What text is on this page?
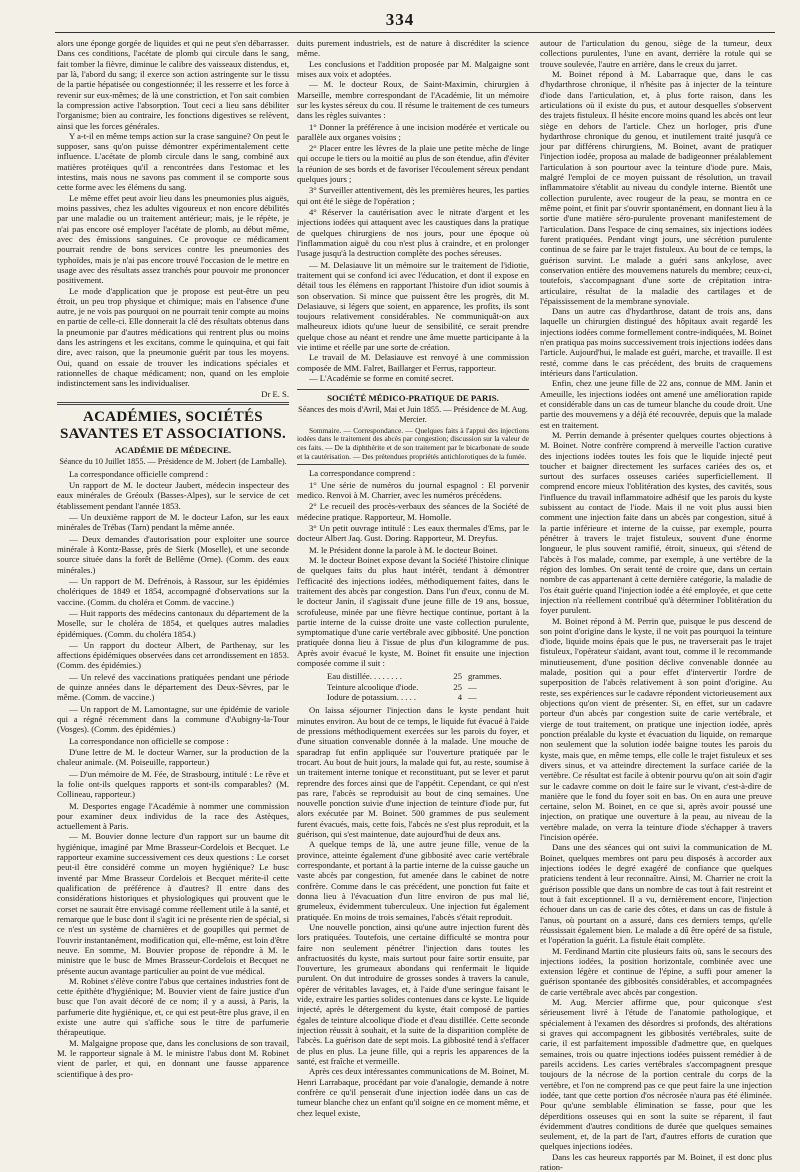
334

alors une éponge gorgée de liquides et qui ne peut s'en débarrasser. Dans ces conditions, l'acétate de plomb qui circule dans le sang, fait tomber la fièvre, diminue le calibre des vaisseaux distendus, et, par là, l'abord du sang; il exerce son action astringente sur le tissu de la partie hépatisée ou congestionnée; il les resserre et les force à revenir sur eux-mêmes; de là une constriction, et l'on sait combien la compression active l'absorption. Tout ceci a lieu sans débiliter l'organisme; bien au contraire, les fonctions digestives se relèvent, ainsi que les forces générales.

Y a-t-il en même temps action sur la crase sanguine? On peut le supposer, sans qu'on puisse démontrer expérimentalement cette influence. L'acétate de plomb circule dans le sang, combiné aux matières protéiques qu'il a rencontrées dans l'estomac et les intestins, mais nous ne savons pas comment il se comporte sous cette forme avec les élémens du sang.

Le même effet peut avoir lieu dans les pneumonies plus aiguës, moins passives, chez les adultes vigoureux et non encore débilités par une maladie ou un traitement antérieur; mais, je le répète, je n'ai pas encore osé employer l'acétate de plomb, au début même, avec des émissions sanguines. Ce provoque ce médicament pourrait rendre de bons services contre les pneumonies des typhoïdes, mais je n'ai pas encore trouvé l'occasion de le mettre en usage avec des résultats assez tranchés pour pouvoir me prononcer positivement.

Le mode d'application que je propose est peut-être un peu étroit, un peu trop physique et chimique; mais en l'absence d'une autre, je ne vois pas pourquoi on ne pourrait tenir compte au moins en partie de celle-ci. Elle donnerait la clé des résultats obtenus dans la pneumonie par d'autres médications qui rentrent plus ou moins dans les astringens et les excitans, comme le quinquina, et qui fait dire, avec raison, que la pneumonie guérit par tous les moyens. Oui, quand on essaie de trouver les indications spéciales et rationnelles de chaque médicament; non, quand on les emploie indistinctement sans les individualiser.

Dr E. S.

ACADÉMIES, SOCIÉTÉS SAVANTES ET ASSOCIATIONS.
ACADÉMIE DE MÉDECINE.
Séance du 10 Juillet 1855. — Présidence de M. Jobert (de Lamballe).

La correspondance officielle comprend :

Un rapport de M. le docteur Jaubert, médecin inspecteur des eaux minérales de Gréoulx (Basses-Alpes), sur le service de cet établissement pendant l'année 1853.

— Un deuxième rapport de M. le docteur Lafon, sur les eaux minérales de Trébas (Tarn) pendant la même année.

— Deux demandes d'autorisation pour exploiter une source minérale à Kontz-Basse, près de Sierk (Moselle), et une seconde source située dans la forêt de Bellême (Orne). (Comm. des eaux minérales.)

— Un rapport de M. Defrénois, à Rassour, sur les épidémies cholériques de 1849 et 1854, accompagné d'observations sur la vaccine. (Comm. du choléra et Comm. de vaccine.)

— Huit rapports des médecins cantonaux du département de la Moselle, sur le choléra de 1854, et quelques autres maladies épidémiques. (Comm. du choléra 1854.)

— Un rapport du docteur Albert, de Parthenay, sur les affections épidémiques observées dans cet arrondissement en 1853. (Comm. des épidémies.)

— Un relevé des vaccinations pratiquées pendant une période de quinze années dans le département des Deux-Sèvres, par le même. (Comm. de vaccine.)

— Un rapport de M. Lamontagne, sur une épidémie de variole qui a régné récemment dans la commune d'Aubigny-la-Tour (Vosges). (Comm. des épidémies.)

La correspondance non officielle se compose :

D'une lettre de M. le docteur Warner, sur la production de la chaleur animale. (M. Poiseuille, rapporteur.)

— D'un mémoire de M. Fée, de Strasbourg, intitulé : Le rêve et la folie ont-ils quelques rapports et sont-ils comparables? (M. Collineau, rapporteur.)

M. Desportes engage l'Académie à nommer une commission pour examiner deux individus de la race des Astèques, actuellement à Paris.

— M. Bouvier donne lecture d'un rapport sur un baume dit hygiénique, imaginé par Mme Brasseur-Cordelois et Becquet. Le rapporteur examine successivement ces deux questions : Le corset peut-il être considéré comme un moyen hygiénique? Le busc inventé par Mme Brasseur Cordelois et Becquet mérite-il cette qualification de préférence à d'autres? Il entre dans des considérations historiques et physiologiques qui prouvent que le corset ne saurait être envisagé comme réellement utile à la santé, et remarque que le busc dont il s'agit ici ne présente rien de spécial, si ce n'est un système de charnières et de goupilles qui permet de l'ouvrir instantanément, modification qui, elle-même, est loin d'être neuve. En somme, M. Bouvier propose de répondre à M. le ministre que le busc de Mmes Brasseur-Cordelois et Becquet ne présente aucun avantage particulier au point de vue médical.

M. Robinet s'élève contre l'abus que certaines industries font de cette épithète d'hygiénique; M. Bouvier vient de faire justice d'un busc que l'on avait décoré de ce nom; il y a aussi, à Paris, la parfumerie dite hygiénique, et, ce qui est peut-être plus grave, il en existe une autre qui s'affiche sous le titre de parfumerie thérapeutique.

M. Malgaigne propose que, dans les conclusions de son travail, M. le rapporteur signale à M. le ministre l'abus dont M. Robinet vient de parler, et qui, en donnant une fausse apparence scientifique à des pro-

duits purement industriels, est de nature à discréditer la science même.

Les conclusions et l'addition proposée par M. Malgaigne sont mises aux voix et adoptées.

— M. le docteur Roux, de Saint-Maximin, chirurgien à Marseille, membre correspondant de l'Académie, lit un mémoire sur les kystes séreux du cou. Il résume le traitement de ces tumeurs dans les règles suivantes :

1° Donner la préférence à une incision modérée et verticale ou parallèle aux organes voisins ;

2° Placer entre les lèvres de la plaie une petite mèche de linge qui occupe le tiers ou la moitié au plus de son étendue, afin d'éviter la réunion de ses bords et de favoriser l'écoulement séreux pendant quelques jours ;

3° Surveiller attentivement, dès les premières heures, les parties qui ont été le siège de l'opération ;

4° Réserver la cautérisation avec le nitrate d'argent et les injections iodées qui attaquent avec les caustiques dans la pratique de quelques chirurgiens de nos jours, pour une époque où l'inflammation aiguë du cou n'est plus à craindre, et en prolonger l'usage jusqu'à la destruction complète des poches séreuses.

— M. Delasiauve lit un mémoire sur le traitement de l'idiotie, traitement qui se confond ici avec l'éducation, et dont il expose en détail tous les élémens en rapportant l'histoire d'un idiot soumis à son observation. Si mince que puissent être les progrès, dit M. Delasiauve, si légers que soient, en apparence, les profits, ils sont toujours relativement considérables. Ne communiquât-on aux malheureux idiots qu'une lueur de sensibilité, ce serait prendre quelque chose au néant et rendre une âme muette participante à la vie intime et réelle par une sorte de création.

Le travail de M. Delasiauve est renvoyé à une commission composée de MM. Falret, Baillarger et Ferrus, rapporteur.

— L'Académie se forme en comité secret.

SOCIÉTÉ MÉDICO-PRATIQUE DE PARIS.
Séances des mois d'Avril, Mai et Juin 1855. — Présidence de M. Aug. Mercier.

Sommaire. — Correspondance. — Quelques faits à l'appui des injections iodées dans le traitement des abcès par congestion; discussion sur la valeur de ces faits. — De la diphthérite et de son traitement par le bicarbonate de soude et la cautérisation. — Des prétendues propriétés antichlorotiques de la fumée.

La correspondance comprend :

1° Une série de numéros du journal espagnol : El porvenir medico. Renvoi à M. Charrier, avec les numéros précédens.

2° Le recueil des procès-verbaux des séances de la Société de médecine pratique. Rapporteur, M. Homolle.

3° Un petit ouvrage intitulé : Les eaux thermales d'Ems, par le docteur Albert Jaq. Gust. Doring. Rapporteur, M. Dreyfus.

M. le Président donne la parole à M. le docteur Boinet.

M. le docteur Boinet expose devant la Société l'histoire clinique de quelques faits du plus haut intérêt, tendant à démontrer l'efficacité des injections iodées, méthodiquement faites, dans le traitement des abcès par congestion. Dans l'un d'eux, connu de M. le docteur Janin, il s'agissait d'une jeune fille de 19 ans, bossue, scrofuleuse, minée par une fièvre hectique continue, portant à la partie interne de la cuisse droite une vaste collection purulente, symptomatique d'une carie vertébrale avec gibbosité. Une ponction pratiquée donna lieu à l'issue de plus d'un kilogramme de pus. Après avoir évacué le kyste, M. Boinet fit ensuite une injection composée comme il suit :

Eau distillée. . . . . . . .	25 grammes.
Teinture alcoolique d'iode.	25 —
Iodure de potassium. . . . .	4 —

On laissa séjourner l'injection dans le kyste pendant huit minutes environ. Au bout de ce temps, le liquide fut évacué à l'aide de pressions méthodiquement exercées sur les parois du foyer, et d'une situation convenable donnée à la malade. Une mouche de sparadrap fut enfin appliquée sur l'ouverture pratiquée par le trocart. Au bout de huit jours, la malade qui fut, au reste, soumise à un traitement interne tonique et reconstituant, put se lever et parut reprendre des forces ainsi que de l'appétit. Cependant, ce qui n'est pas rare, l'abcès se reproduisit au bout de cinq semaines. Une nouvelle ponction suivie d'une injection de teinture d'iode pur, fut alors exécutée par M. Boinet. 500 grammes de pus seulement furent évacués, mais, cette fois, l'abcès ne s'est plus reproduit, et la guérison, qui s'est maintenue, date aujourd'hui de deux ans.

A quelque temps de là, une autre jeune fille, venue de la province, atteinte également d'une gibbosité avec carie vertébrale correspondante, et portant à la partie interne de la cuisse gauche un vaste abcès par congestion, fut amenée dans le cabinet de notre confrère. Comme dans le cas précédent, une ponction fut faite et donna lieu à l'évacuation d'un litre environ de pus mal lié, grumeleux, évidemment tuberculeux. Une injection fut également pratiquée. En moins de trois semaines, l'abcès s'était reproduit.

Une nouvelle ponction, ainsi qu'une autre injection furent dès lors pratiquées. Toutefois, une certaine difficulté se montra pour faire non seulement pénétrer l'injection dans toutes les anfractuosités du kyste, mais surtout pour faire sortir ensuite, par l'ouverture, les grumeaux abondans qui renfermait le liquide purulent. On dut introduire de grosses sondes à travers la canule, opérer de véritables lavages, et, à l'aide d'une seringue faisant le vide, extraire les parties solides contenues dans ce kyste. Le liquide injecté, après le détergement du kyste, était composé de parties égales de teinture alcoolique d'iode et d'eau distillée. Cette seconde injection réussit à souhait, et la suite de la disparition complète de l'abcès. La guérison date de sept mois. La gibbosité tend à s'effacer de plus en plus. La jeune fille, qui a repris les apparences de la santé, est fraîche et vermeille.

Après ces deux intéressantes communications de M. Boinet, M. Henri Larrabaque, procédant par voie d'analogie, demande à notre confrère ce qu'il penserait d'une injection iodée dans un cas de tumeur blanche chez un enfant qu'il soigne en ce moment même, et chez lequel existe,

autour de l'articulation du genou, siège de la tumeur, deux collections purulentes, l'une en avant, derrière la rotule qui se trouve soulevée, l'autre en arrière, dans le creux du jarret.

M. Boinet répond à M. Labarraque que, dans le cas d'hydarthrose chronique, il n'hésite pas à injecter de la teinture d'iode dans l'articulation, et, à plus forte raison, dans les articulations où il existe du pus, et autour desquelles s'observent des trajets fistuleux. Il hésite encore moins quand les abcès ont leur siège en dehors de l'article. Chez un horloger, pris d'une hydarthrose chronique du genou, et inutilement traité jusqu'à ce jour par différens chirurgiens, M. Boinet, avant de pratiquer l'injection iodée, proposa au malade de badigeonner préalablement l'articulation à son pourtour avec la teinture d'iode pure. Mais, malgré l'emploi de ce moyen puissant de résolution, un travail inflammatoire s'établit au niveau du condyle interne. Bientôt une collection purulente, avec rougeur de la peau, se montra en ce même point, et finit par s'ouvrir spontanément, en donnant lieu à la sortie d'une matière séro-purulente provenant manifestement de l'articulation. Dans l'espace de cinq semaines, six injections iodées furent pratiquées. Pendant vingt jours, une sécrétion purulente continua de se faire par le trajet fistuleux. Au bout de ce temps, la guérison survint. Le malade a guéri sans ankylose, avec conservation entière des mouvemens naturels du membre; ceux-ci, toutefois, s'accompagnant d'une sorte de crépitation intra-articulaire, résultat de la maladie des cartilages et de l'épaississement de la membrane synoviale.

Dans un autre cas d'hydarthrose, datant de trois ans, dans laquelle un chirurgien distingué des hôpitaux avait regardé les injections iodées comme formellement contre-indiquées, M. Boinet n'en pratiqua pas moins successivement trois injections iodées dans l'article. Aujourd'hui, le malade est guéri, marche, et travaille. Il est resté, comme dans le cas précédent, des bruits de craquemens intérieurs dans l'articulation.

Enfin, chez une jeune fille de 22 ans, connue de MM. Janin et Ameuille, les injections iodées ont amené une amélioration rapide et considérable dans un cas de tumeur blanche du coude droit. Une partie des mouvemens y a déjà été recouvrée, depuis que la malade est en traitement.

M. Perrin demande à présenter quelques courtes objections à M. Boinet. Notre confrère comprend à merveille l'action curative des injections iodées toutes les fois que le liquide injecté peut toucher et baigner directement les surfaces cariées des os, et surtout des surfaces osseuses cariées superficiellement. Il comprend encore mieux l'oblitération des kystes, des cavités, sous l'influence du travail inflammatoire adhésif que les parois du kyste subissent au contact de l'iode. Mais il ne voit plus aussi bien comment une injection faite dans un abcès par congestion, situé à la partie inférieure et interne de la cuisse, par exemple, pourra pénétrer à travers le trajet fistuleux, souvent d'une énorme longueur, le plus souvent ramifié, étroit, sinueux, qui s'étend de l'abcès à l'os malade, comme, par exemple, à une vertèbre de la région des lombes. On serait tenté de croire que, dans un certain nombre de cas appartenant à cette dernière catégorie, la maladie de l'os était guérie quand l'injection iodée a été employée, et que cette injection n'a réellement contribué qu'à déterminer l'oblitération du foyer purulent.

M. Boinet répond à M. Perrin que, puisque le pus descend de son point d'origine dans le kyste, il ne voit pas pourquoi la teinture d'iode, liquide moins épais que le pus, ne traverserait pas le trajet fistuleux, l'opérateur s'aidant, avant tout, comme il le recommande minutieusement, d'une position déclive convenable donnée au malade, position qui a pour effet d'intervertir l'ordre de superposition de l'abcès relativement à son point d'origine. Au reste, ses expériences sur le cadavre répondent victorieusement aux objections qu'on vient de présenter. Si, en effet, sur un cadavre porteur d'un abcès par congestion suite de carie vertébrale, et vierge de tout traitement, on pratique une injection iodée, après ponction préalable du kyste et évacuation du liquide, on remarque non seulement que la solution iodée baigne toutes les parois du kyste, mais que, en même temps, elle colle le trajet fistuleux et ses divers sinus, et va atteindre directement la surface cariée de la vertèbre. Ce résultat est facile à obtenir pourvu qu'on ait soin d'agir sur le cadavre comme on doit le faire sur le vivant, c'est-à-dire de manière que le fond du foyer soit en bas. On en aura une preuve certaine, selon M. Boinet, en ce que si, après avoir poussé une injection, on pratique une ouverture à la peau, au niveau de la vertèbre malade, on verra la teinture d'iode s'échapper à travers l'incision opérée.

Dans une des séances qui ont suivi la communication de M. Boinet, quelques membres ont paru peu disposés à accorder aux injections iodées le degré exagéré de confiance que quelques praticiens tendent à leur reconnaître. Ainsi, M. Charrier ne croit la guérison possible que dans un nombre de cas tout à fait restreint et tout à fait exceptionnel. Il a vu, dernièrement encore, l'injection échouer dans un cas de carie des côtes, et dans un cas de fistule à l'anus, où pourtant on a assuré, dans ces derniers temps, qu'elle réussissait également bien. Le malade a dû être opéré de sa fistule, et l'opération la guérit. La fistule était complète.

M. Ferdinand Martin cite plusieurs faits où, sans le secours des injections iodées, la position horizontale, combinée avec une extension légère et continue de l'épine, a suffi pour amener la guérison spontanée des gibbosités considérables, et accompagnées de carie vertébrale avec abcès par congestion.

M. Aug. Mercier affirme que, pour quiconque s'est sérieusement livré à l'étude de l'anatomie pathologique, et spécialement à l'examen des désordres si profonds, des altérations si graves qui accompagnent les gibbosités vertébrales, suite de carie, il est parfaitement impossible d'admettre que, en quelques semaines, trois ou quatre injections iodées puissent remédier à de pareils accidens. Les caries vertébrales s'accompagnent presque toujours de la nécrose de la portion centrale du corps de la vertèbre, et l'on ne comprend pas ce que peut faire la une injection iodée, tant que cette portion d'os nécrosée n'aura pas été éliminée. Pour qu'une semblable élimination se fasse, pour que les déperditions osseuses qui en sont la suite se réparent, il faut évidemment d'autres conditions de durée que quelques semaines seulement, et, de la part de l'art, d'autres efforts de curation que quelques injections iodées.

Dans les cas heureux rapportés par M. Boinet, il est donc plus ration-
